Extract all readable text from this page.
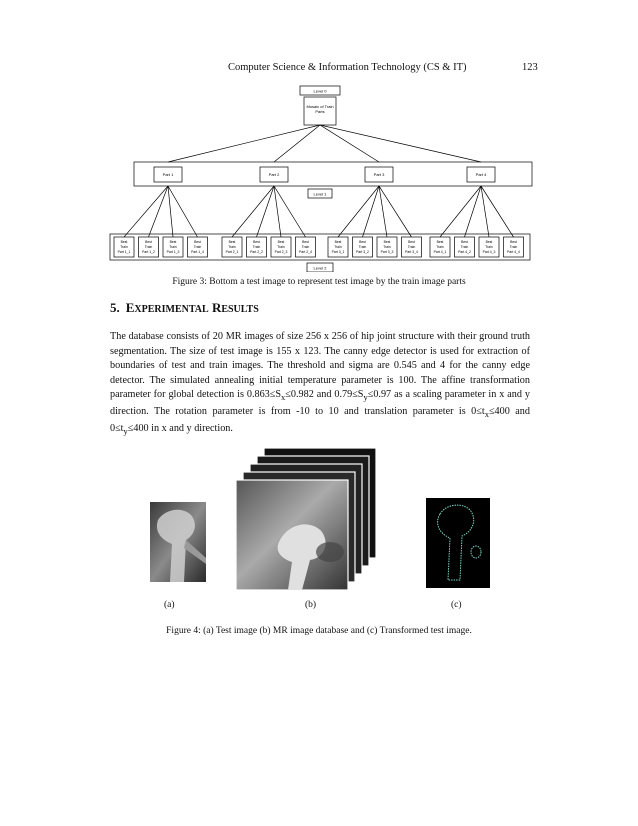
Computer Science & Information Technology (CS & IT)	123
Level 0
Mosaic of Train
Parts
Part 1	Part 2	Part 3	Part 4
Level 1
Level 2
Best
Train
Part 1_1
Best
Train
Part 1_2
Best
Train
Part 1_3
Best
Train
Part 1_4
Best
Train
Part 2_1
Best
Train
Part 2_2
Best
Train
Part 2_3
Best
Train
Part 2_4
Best
Train
Part 3_1
Best
Train
Part 3_2
Best
Train
Part 3_3
Best
Train
Part 3_4
Best
Train
Part 4_1
Best
Train
Part 4_2
Best
Train
Part 4_3
Best
Train
Part 4_4
Figure 3: Bottom a test image to represent test image by the train image parts
5. EXPERIMENTAL RESULTS
The database consists of 20 MR images of size 256 x 256 of hip joint structure with their ground truth segmentation. The size of test image is 155 x 123. The canny edge detector is used for extraction of boundaries of test and train images. The threshold and sigma are 0.545 and 4 for the canny edge detector. The simulated annealing initial temperature parameter is 100. The affine transformation parameter for global detection is $0.863\le S_x\le 0.982$ and $0.79\le S_y\le 0.97$ as a scaling parameter in x and y direction. The rotation parameter is from -10 to 10 and translation parameter is $0\le t_x\le 400$ and $0\le t_y\le 400$ in x and y direction.
(a)	(b)	(c)
Figure 4: (a) Test image (b) MR image database and (c) Transformed test image.
